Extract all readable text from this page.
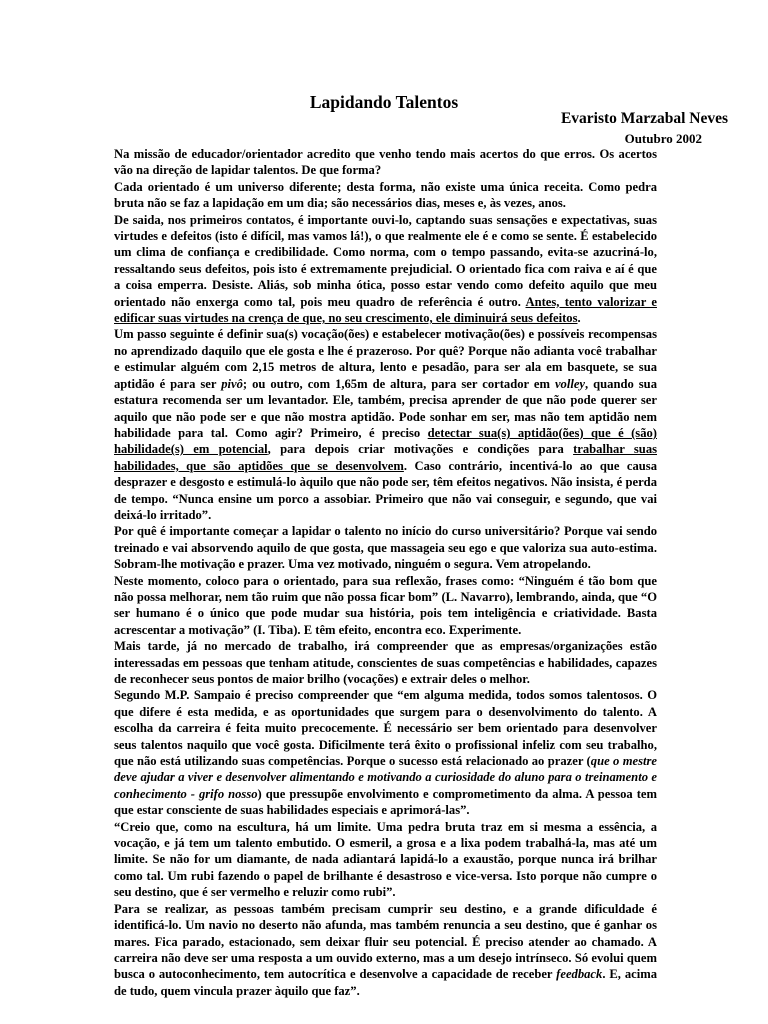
Lapidando Talentos
Evaristo Marzabal Neves
Outubro 2002

Na missão de educador/orientador acredito que venho tendo mais acertos do que erros. Os acertos vão na direção de lapidar talentos. De que forma?

Cada orientado é um universo diferente; desta forma, não existe uma única receita. Como pedra bruta não se faz a lapidação em um dia; são necessários dias, meses e, às vezes, anos.

De saida, nos primeiros contatos, é importante ouvi-lo, captando suas sensações e expectativas, suas virtudes e defeitos (isto é difícil, mas vamos lá!), o que realmente ele é e como se sente. É estabelecido um clima de confiança e credibilidade. Como norma, com o tempo passando, evita-se azucriná-lo, ressaltando seus defeitos, pois isto é extremamente prejudicial. O orientado fica com raiva e aí é que a coisa emperra. Desiste. Aliás, sob minha ótica, posso estar vendo como defeito aquilo que meu orientado não enxerga como tal, pois meu quadro de referência é outro. Antes, tento valorizar e edificar suas virtudes na crença de que, no seu crescimento, ele diminuirá seus defeitos.

Um passo seguinte é definir sua(s) vocação(ões) e estabelecer motivação(ões) e possíveis recompensas no aprendizado daquilo que ele gosta e lhe é prazeroso. Por quê? Porque não adianta você trabalhar e estimular alguém com 2,15 metros de altura, lento e pesadão, para ser ala em basquete, se sua aptidão é para ser pivô; ou outro, com 1,65m de altura, para ser cortador em volley, quando sua estatura recomenda ser um levantador. Ele, também, precisa aprender de que não pode querer ser aquilo que não pode ser e que não mostra aptidão. Pode sonhar em ser, mas não tem aptidão nem habilidade para tal. Como agir? Primeiro, é preciso detectar sua(s) aptidão(ões) que é (são) habilidade(s) em potencial, para depois criar motivações e condições para trabalhar suas habilidades, que são aptidões que se desenvolvem. Caso contrário, incentivá-lo ao que causa desprazer e desgosto e estimulá-lo àquilo que não pode ser, têm efeitos negativos. Não insista, é perda de tempo. “Nunca ensine um porco a assobiar. Primeiro que não vai conseguir, e segundo, que vai deixá-lo irritado”.

Por quê é importante começar a lapidar o talento no início do curso universitário? Porque vai sendo treinado e vai absorvendo aquilo de que gosta, que massageia seu ego e que valoriza sua auto-estima. Sobram-lhe motivação e prazer. Uma vez motivado, ninguém o segura. Vem atropelando.

Neste momento, coloco para o orientado, para sua reflexão, frases como: “Ninguém é tão bom que não possa melhorar, nem tão ruim que não possa ficar bom” (L. Navarro), lembrando, ainda, que “O ser humano é o único que pode mudar sua história, pois tem inteligência e criatividade. Basta acrescentar a motivação” (I. Tiba). E têm efeito, encontra eco. Experimente.

Mais tarde, já no mercado de trabalho, irá compreender que as empresas/organizações estão interessadas em pessoas que tenham atitude, conscientes de suas competências e habilidades, capazes de reconhecer seus pontos de maior brilho (vocações) e extrair deles o melhor.

Segundo M.P. Sampaio é preciso compreender que “em alguma medida, todos somos talentosos. O que difere é esta medida, e as oportunidades que surgem para o desenvolvimento do talento. A escolha da carreira é feita muito precocemente. É necessário ser bem orientado para desenvolver seus talentos naquilo que você gosta. Dificilmente terá êxito o profissional infeliz com seu trabalho, que não está utilizando suas competências. Porque o sucesso está relacionado ao prazer (que o mestre deve ajudar a viver e desenvolver alimentando e motivando a curiosidade do aluno para o treinamento e conhecimento - grifo nosso) que pressupõe envolvimento e comprometimento da alma. A pessoa tem que estar consciente de suas habilidades especiais e aprimorá-las”.

“Creio que, como na escultura, há um limite. Uma pedra bruta traz em si mesma a essência, a vocação, e já tem um talento embutido. O esmeril, a grosa e a lixa podem trabalhá-la, mas até um limite. Se não for um diamante, de nada adiantará lapidá-lo a exaustão, porque nunca irá brilhar como tal. Um rubi fazendo o papel de brilhante é desastroso e vice-versa. Isto porque não cumpre o seu destino, que é ser vermelho e reluzir como rubi”.

Para se realizar, as pessoas também precisam cumprir seu destino, e a grande dificuldade é identificá-lo. Um navio no deserto não afunda, mas também renuncia a seu destino, que é ganhar os mares. Fica parado, estacionado, sem deixar fluir seu potencial. É preciso atender ao chamado. A carreira não deve ser uma resposta a um ouvido externo, mas a um desejo intrínseco. Só evolui quem busca o autoconhecimento, tem autocrítica e desenvolve a capacidade de receber feedback. E, acima de tudo, quem vincula prazer àquilo que faz”.
